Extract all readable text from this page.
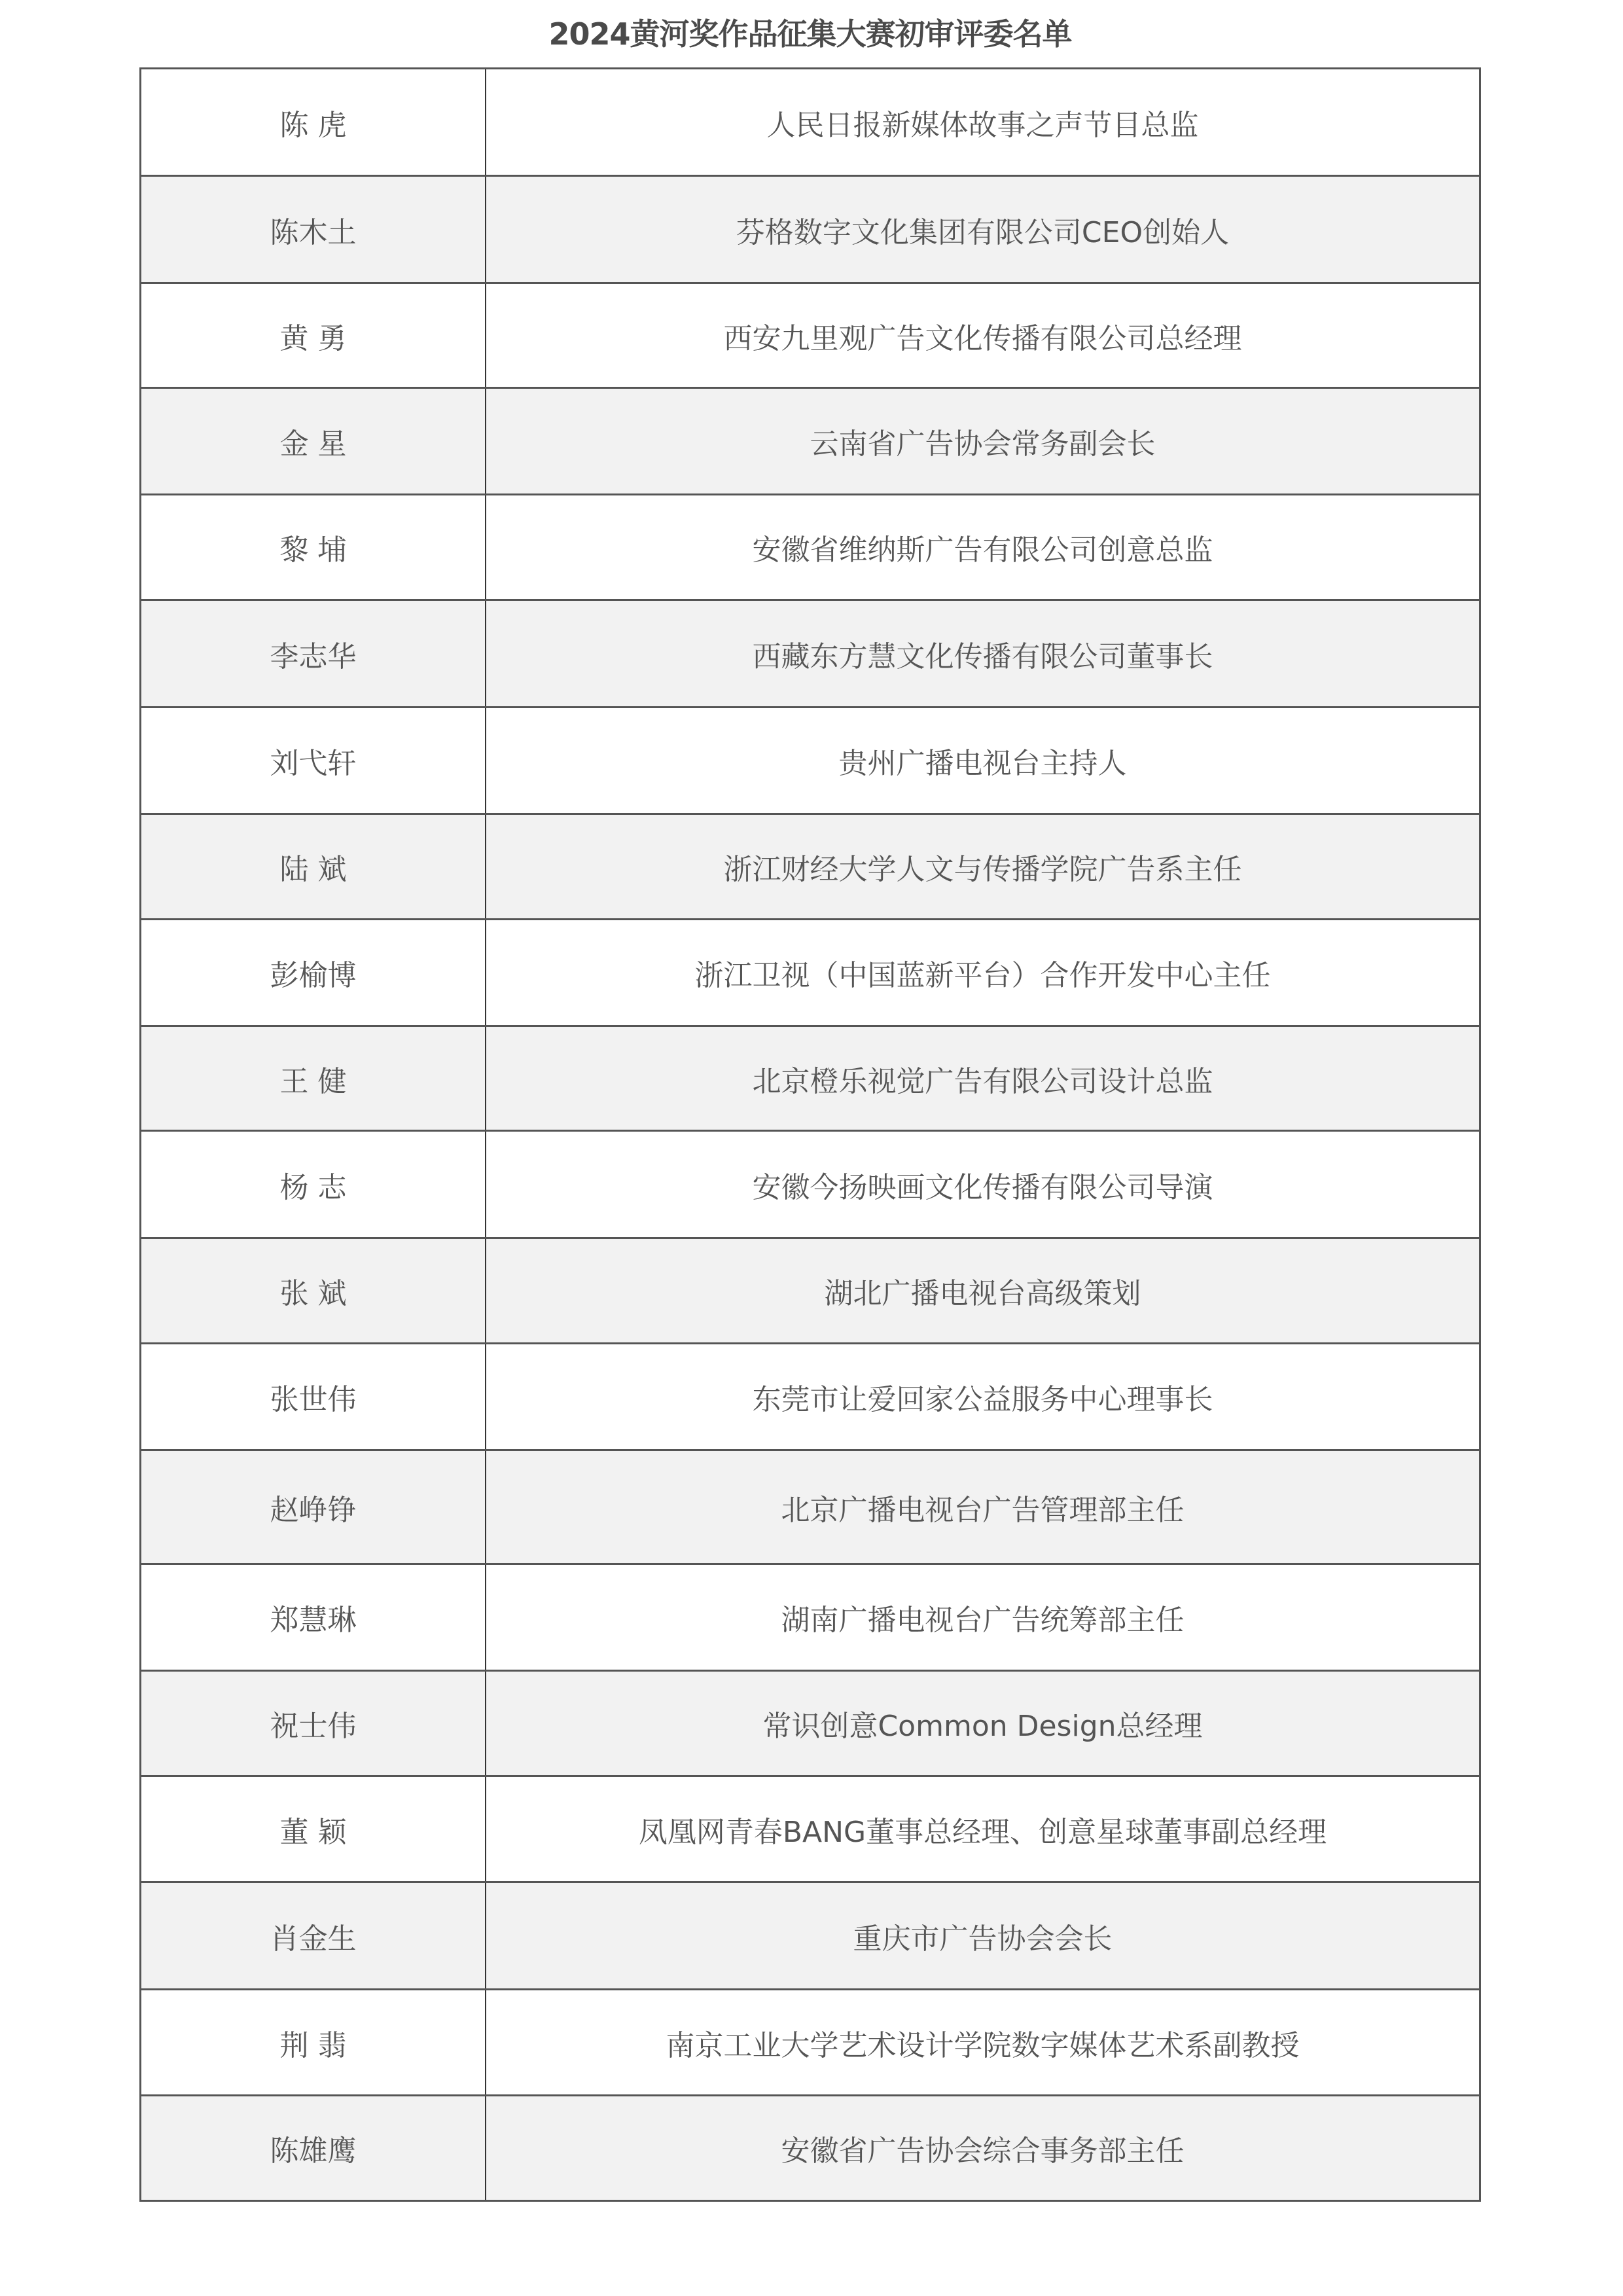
2024黄河奖作品征集大赛初审评委名单
陈 虎	人民日报新媒体故事之声节目总监
陈木土	芬格数字文化集团有限公司CEO创始人
黄 勇	西安九里观广告文化传播有限公司总经理
金 星	云南省广告协会常务副会长
黎 埔	安徽省维纳斯广告有限公司创意总监
李志华	西藏东方慧文化传播有限公司董事长
刘弋轩	贵州广播电视台主持人
陆 斌	浙江财经大学人文与传播学院广告系主任
彭榆博	浙江卫视（中国蓝新平台）合作开发中心主任
王 健	北京橙乐视觉广告有限公司设计总监
杨 志	安徽今扬映画文化传播有限公司导演
张 斌	湖北广播电视台高级策划
张世伟	东莞市让爱回家公益服务中心理事长
赵峥铮	北京广播电视台广告管理部主任
郑慧琳	湖南广播电视台广告统筹部主任
祝士伟	常识创意Common Design总经理
董 颖	凤凰网青春BANG董事总经理、创意星球董事副总经理
肖金生	重庆市广告协会会长
荆 翡	南京工业大学艺术设计学院数字媒体艺术系副教授
陈雄鹰	安徽省广告协会综合事务部主任
